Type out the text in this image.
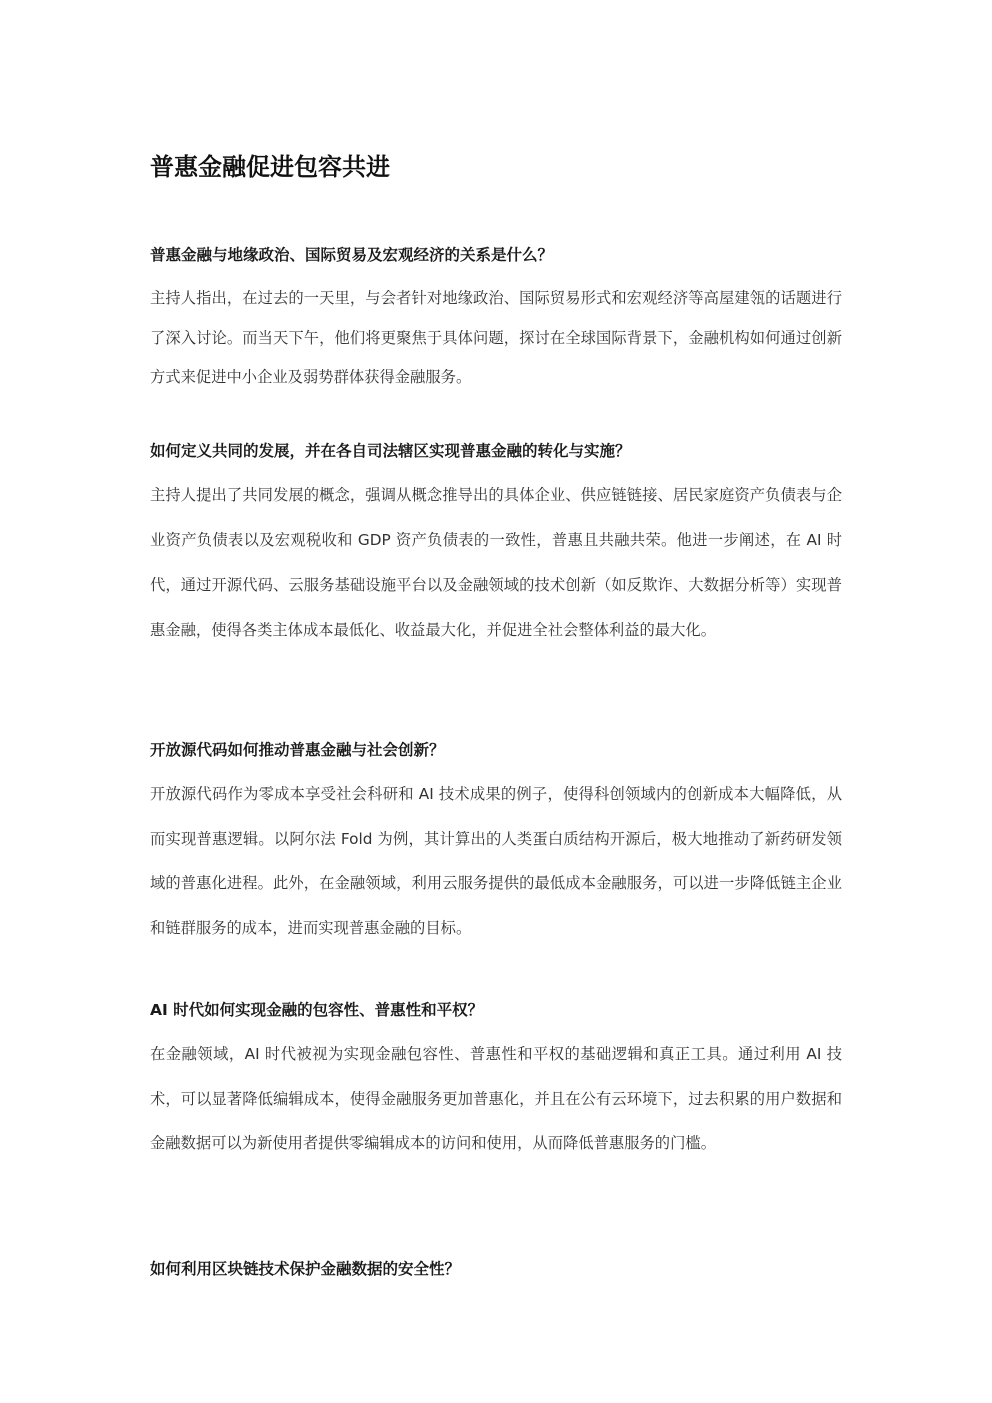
普惠金融促进包容共进

普惠金融与地缘政治、国际贸易及宏观经济的关系是什么？

主持人指出，在过去的一天里，与会者针对地缘政治、国际贸易形式和宏观经济等高屋建瓴的话题进行了深入讨论。而当天下午，他们将更聚焦于具体问题，探讨在全球国际背景下，金融机构如何通过创新方式来促进中小企业及弱势群体获得金融服务。

如何定义共同的发展，并在各自司法辖区实现普惠金融的转化与实施？

主持人提出了共同发展的概念，强调从概念推导出的具体企业、供应链链接、居民家庭资产负债表与企业资产负债表以及宏观税收和 GDP 资产负债表的一致性，普惠且共融共荣。他进一步阐述，在 AI 时代，通过开源代码、云服务基础设施平台以及金融领域的技术创新（如反欺诈、大数据分析等）实现普惠金融，使得各类主体成本最低化、收益最大化，并促进全社会整体利益的最大化。

开放源代码如何推动普惠金融与社会创新？

开放源代码作为零成本享受社会科研和 AI 技术成果的例子，使得科创领域内的创新成本大幅降低，从而实现普惠逻辑。以阿尔法 Fold 为例，其计算出的人类蛋白质结构开源后，极大地推动了新药研发领域的普惠化进程。此外，在金融领域，利用云服务提供的最低成本金融服务，可以进一步降低链主企业和链群服务的成本，进而实现普惠金融的目标。

AI 时代如何实现金融的包容性、普惠性和平权？

在金融领域，AI 时代被视为实现金融包容性、普惠性和平权的基础逻辑和真正工具。通过利用 AI 技术，可以显著降低编辑成本，使得金融服务更加普惠化，并且在公有云环境下，过去积累的用户数据和金融数据可以为新使用者提供零编辑成本的访问和使用，从而降低普惠服务的门槛。

如何利用区块链技术保护金融数据的安全性？
